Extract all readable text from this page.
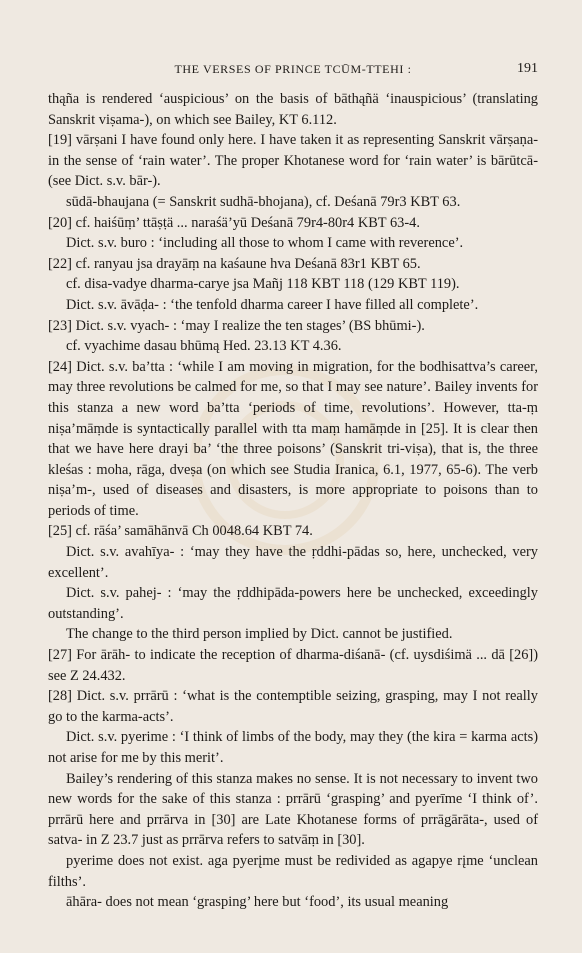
THE VERSES OF PRINCE TCŪM-TTEHI :	191

thąña is rendered ‘auspicious’ on the basis of bāthąñä ‘inauspicious’ (translating Sanskrit viṣama-), on which see Bailey, KT 6.112.

[19] vārṣani I have found only here. I have taken it as representing Sanskrit vārṣaṇa- in the sense of ‘rain water’. The proper Khotanese word for ‘rain water’ is bārūtcā- (see Dict. s.v. bār-).

sūdā-bhaujana (= Sanskrit sudhā-bhojana), cf. Deśanā 79r3 KBT 63.

[20] cf. haiśūṃ’ ttāṣṭä ... naraśä’yū Deśanā 79r4-80r4 KBT 63-4.

Dict. s.v. buro : ‘including all those to whom I came with reverence’.

[22] cf. ranyau jsa drayāṃ na kaśaune hva Deśanā 83r1 KBT 65.

cf. disa-vadye dharma-carye jsa Mañj 118 KBT 118 (129 KBT 119).

Dict. s.v. āvāḍa- : ‘the tenfold dharma career I have filled all complete’.

[23] Dict. s.v. vyach- : ‘may I realize the ten stages’ (BS bhūmi-).

cf. vyachime dasau bhūmą Hed. 23.13 KT 4.36.

[24] Dict. s.v. ba’tta : ‘while I am moving in migration, for the bodhisattva’s career, may three revolutions be calmed for me, so that I may see nature’. Bailey invents for this stanza a new word ba’tta ‘periods of time, revolutions’. However, tta-ṃ niṣa’māṃde is syntactically parallel with tta maṃ hamāṃde in [25]. It is clear then that we have here drayi ba’ ‘the three poisons’ (Sanskrit tri-viṣa), that is, the three kleśas : moha, rāga, dveṣa (on which see Studia Iranica, 6.1, 1977, 65-6). The verb niṣa’m-, used of diseases and disasters, is more appropriate to poisons than to periods of time.

[25] cf. rāśa’ samāhānvā Ch 0048.64 KBT 74.

Dict. s.v. avahīya- : ‘may they have the ṛddhi-pādas so, here, unchecked, very excellent’.

Dict. s.v. pahej- : ‘may the ṛddhipāda-powers here be unchecked, exceedingly outstanding’.

The change to the third person implied by Dict. cannot be justified.

[27] For ārāh- to indicate the reception of dharma-diśanā- (cf. uysdiśimä ... dā [26]) see Z 24.432.

[28] Dict. s.v. prrārū : ‘what is the contemptible seizing, grasping, may I not really go to the karma-acts’.

Dict. s.v. pyerime : ‘I think of limbs of the body, may they (the kira = karma acts) not arise for me by this merit’.

Bailey’s rendering of this stanza makes no sense. It is not necessary to invent two new words for the sake of this stanza : prrārū ‘grasping’ and pyerīme ‘I think of’. prrārū here and prrārva in [30] are Late Khotanese forms of prrāgārāta-, used of satva- in Z 23.7 just as prrārva refers to satvāṃ in [30].

pyerime does not exist. aga pyerįme must be redivided as agapye rįme ‘unclean filths’.

āhāra- does not mean ‘grasping’ here but ‘food’, its usual meaning
